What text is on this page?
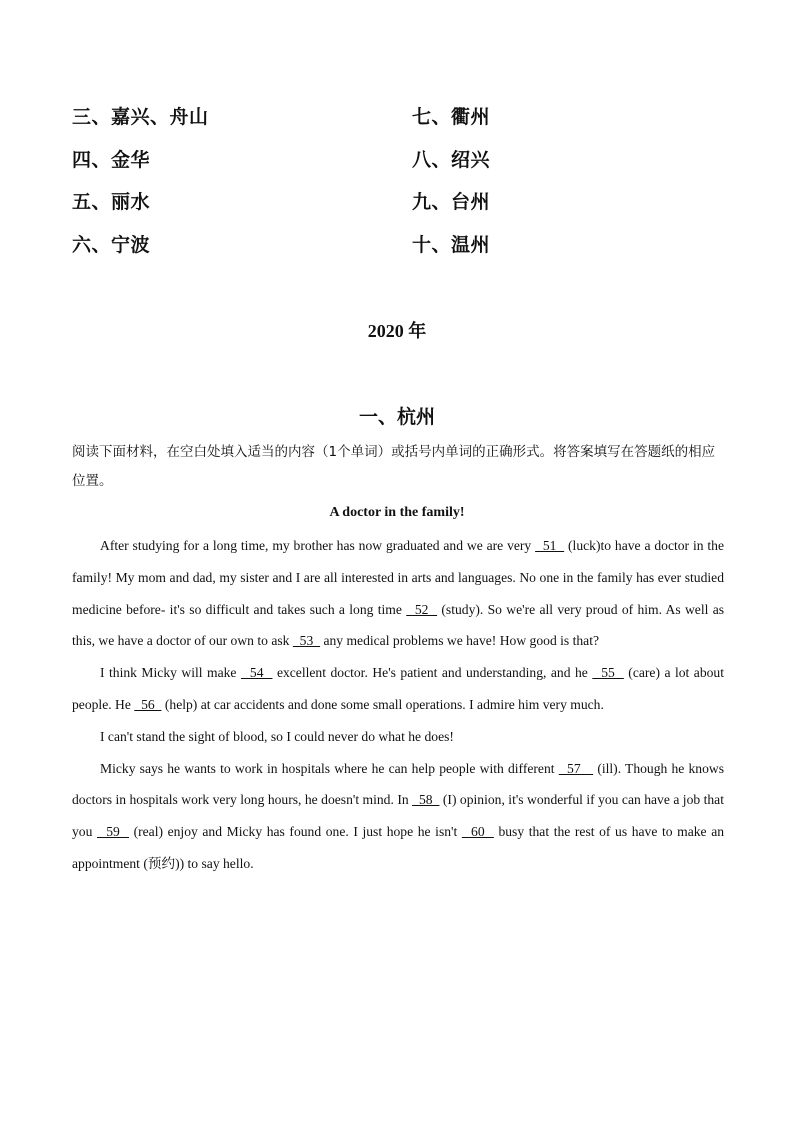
三、嘉兴、舟山	七、衢州
四、金华	八、绍兴
五、丽水	九、台州
六、宁波	十、温州
2020 年
一、杭州
阅读下面材料，在空白处填入适当的内容（1个单词）或括号内单词的正确形式。将答案填写在答题纸的相应位置。
A doctor in the family!

After studying for a long time, my brother has now graduated and we are very   51   (luck)to have a doctor in the family! My mom and dad, my sister and I are all interested in arts and languages. No one in the family has ever studied medicine before- it's so difficult and takes such a long time   52   (study). So we're all very proud of him. As well as this, we have a doctor of our own to ask   53   any medical problems we have! How good is that?

I think Micky will make   54   excellent doctor. He's patient and understanding, and he   55   (care) a lot about people. He   56   (help) at car accidents and done some small operations. I admire him very much.

I can't stand the sight of blood, so I could never do what he does!

Micky says he wants to work in hospitals where he can help people with different   57    (ill). Though he knows doctors in hospitals work very long hours, he doesn't mind. In   58   (I) opinion, it's wonderful if you can have a job that you   59   (real) enjoy and Micky has found one. I just hope he isn't   60   busy that the rest of us have to make an appointment (预约)) to say hello.
